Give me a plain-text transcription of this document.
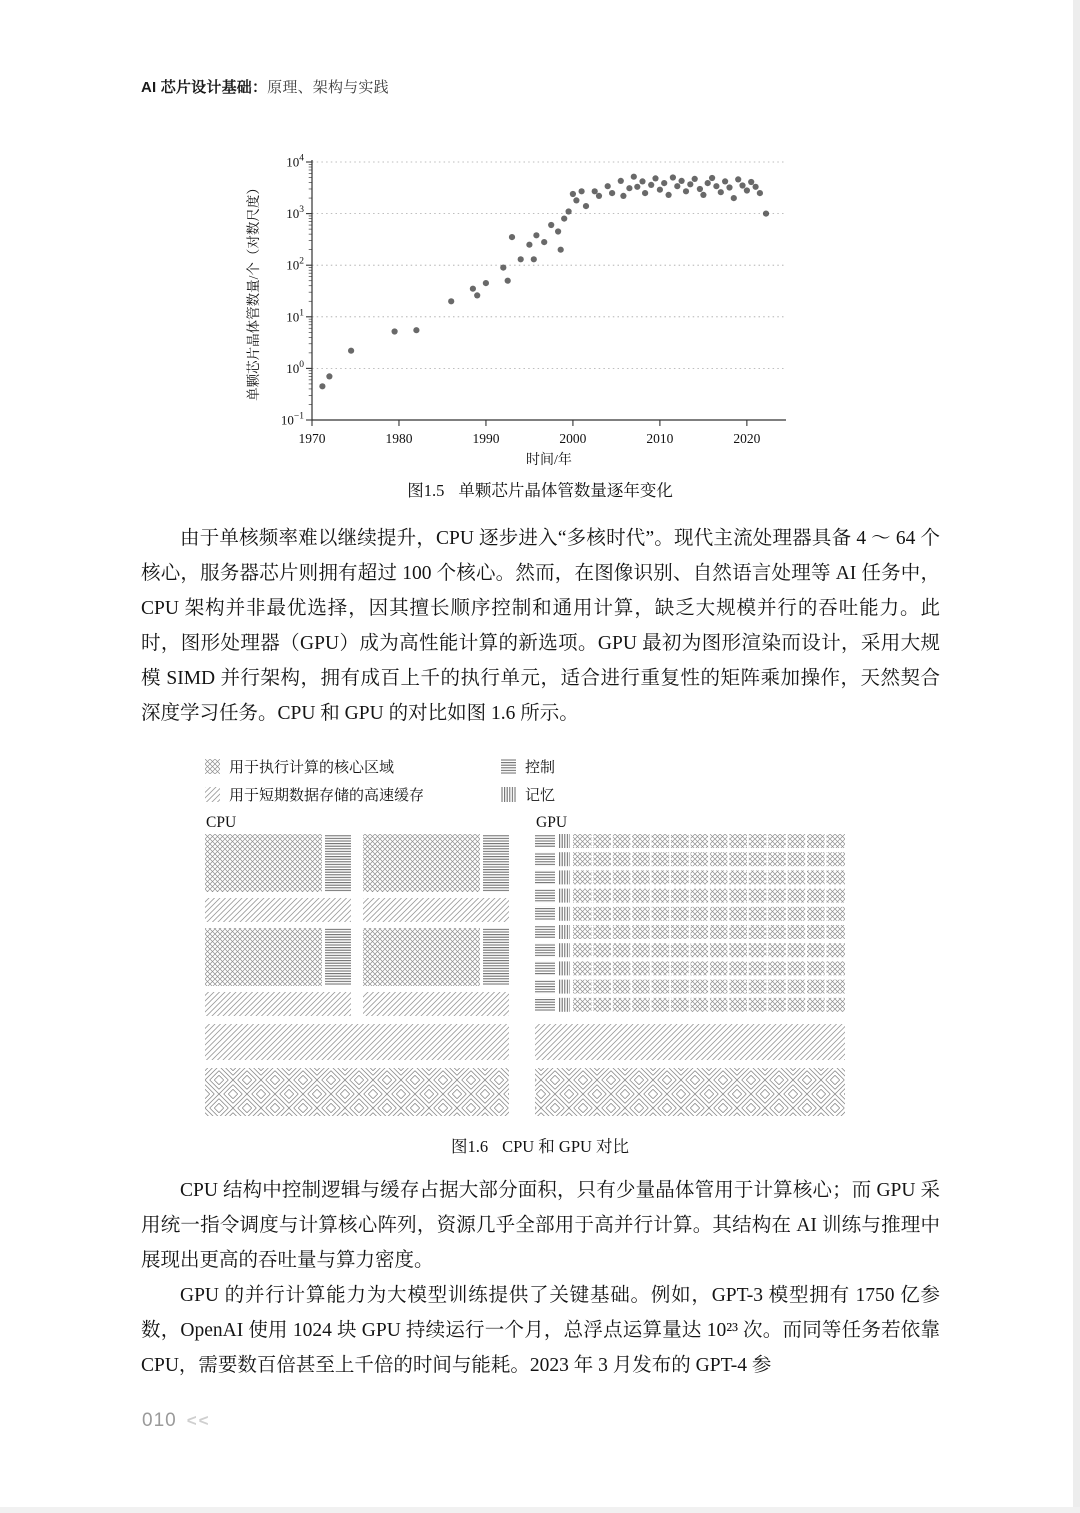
AI 芯片设计基础：原理、架构与实践
$10^{-1}$
$10^0$
$10^1$
$10^2$
$10^3$
$10^4$
1970	1980	1990	2000	2010	2020
时间/年
单颗芯片晶体管数量/个（对数尺度）
图1.5 单颗芯片晶体管数量逐年变化

由于单核频率难以继续提升，CPU 逐步进入“多核时代”。现代主流处理器具备 4 ～ 64 个核心，服务器芯片则拥有超过 100 个核心。然而，在图像识别、自然语言处理等 AI 任务中，CPU 架构并非最优选择，因其擅长顺序控制和通用计算，缺乏大规模并行的吞吐能力。此时，图形处理器（GPU）成为高性能计算的新选项。GPU 最初为图形渲染而设计，采用大规模 SIMD 并行架构，拥有成百上千的执行单元，适合进行重复性的矩阵乘加操作，天然契合深度学习任务。CPU 和 GPU 的对比如图 1.6 所示。

用于执行计算的核心区域	控制
用于短期数据存储的高速缓存	记忆
CPU	GPU
图1.6 CPU 和 GPU 对比

CPU 结构中控制逻辑与缓存占据大部分面积，只有少量晶体管用于计算核心；而 GPU 采用统一指令调度与计算核心阵列，资源几乎全部用于高并行计算。其结构在 AI 训练与推理中展现出更高的吞吐量与算力密度。

GPU 的并行计算能力为大模型训练提供了关键基础。例如，GPT-3 模型拥有 1750 亿参数，OpenAI 使用 1024 块 GPU 持续运行一个月，总浮点运算量达 10²³ 次。而同等任务若依靠 CPU，需要数百倍甚至上千倍的时间与能耗。2023 年 3 月发布的 GPT-4 参

010 <<
